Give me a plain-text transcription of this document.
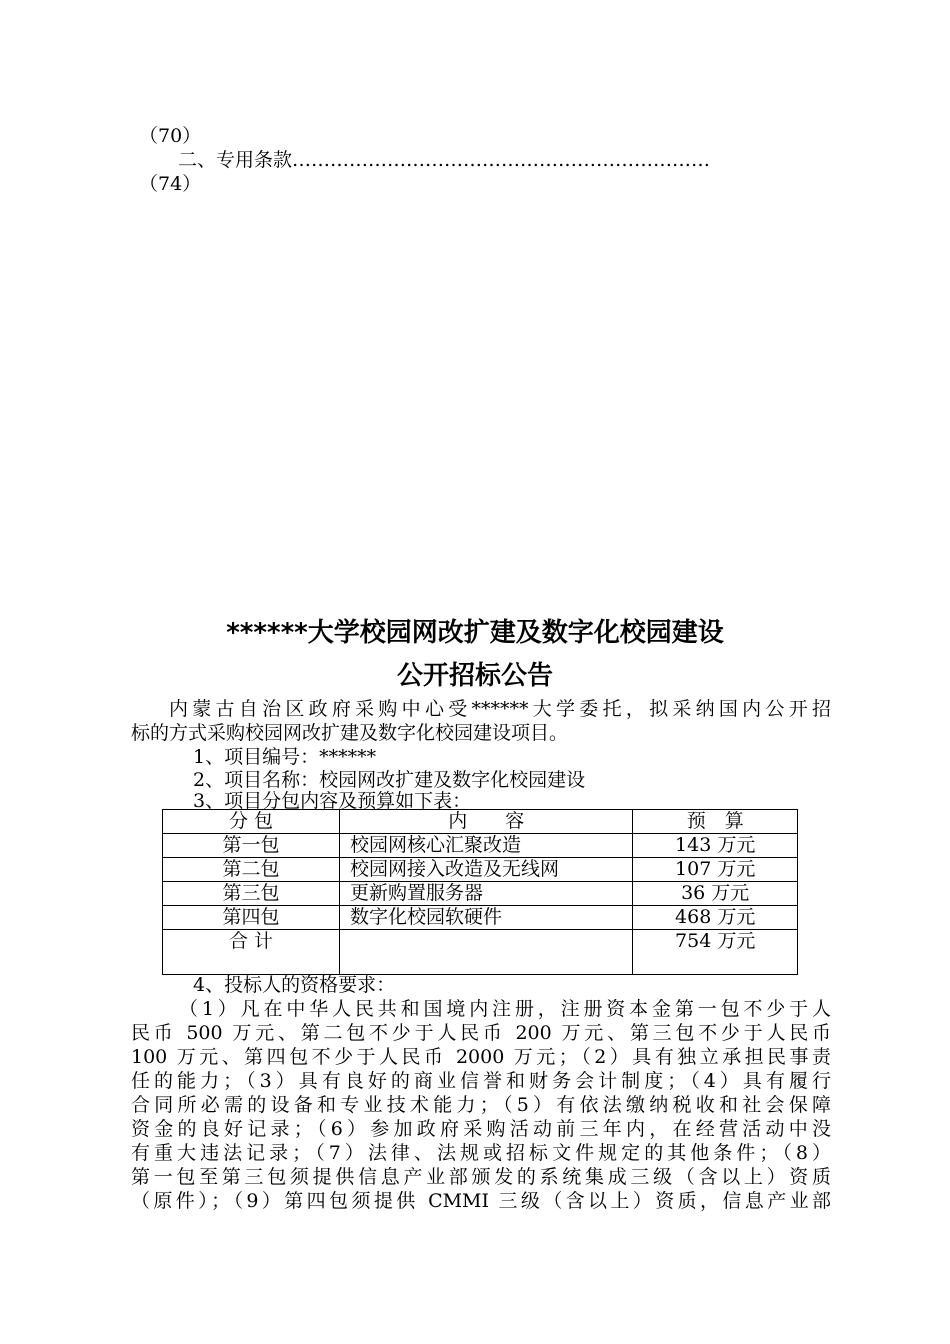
（70）
二、专用条款…………………………………………………………
（74）
******大学校园网改扩建及数字化校园建设
公开招标公告
内蒙古自治区政府采购中心受******大学委托，拟采纳国内公开招
标的方式采购校园网改扩建及数字化校园建设项目。
1、项目编号：******
2、项目名称：校园网改扩建及数字化校园建设
3、项目分包内容及预算如下表：
分 包	内　　容	预　算
第一包	校园网核心汇聚改造	143 万元
第二包	校园网接入改造及无线网	107 万元
第三包	更新购置服务器	36 万元
第四包	数字化校园软硬件	468 万元
合 计		754 万元
4、投标人的资格要求：
（1）凡在中华人民共和国境内注册，注册资本金第一包不少于人
民币 500 万元、第二包不少于人民币 200 万元、第三包不少于人民币
100 万元、第四包不少于人民币 2000 万元；（2）具有独立承担民事责
任的能力；（3）具有良好的商业信誉和财务会计制度；（4）具有履行
合同所必需的设备和专业技术能力；（5）有依法缴纳税收和社会保障
资金的良好记录；（6）参加政府采购活动前三年内，在经营活动中没
有重大违法记录；（7）法律、法规或招标文件规定的其他条件；（8）
第一包至第三包须提供信息产业部颁发的系统集成三级（含以上）资质
（原件）；（9）第四包须提供 CMMI 三级（含以上）资质，信息产业部
